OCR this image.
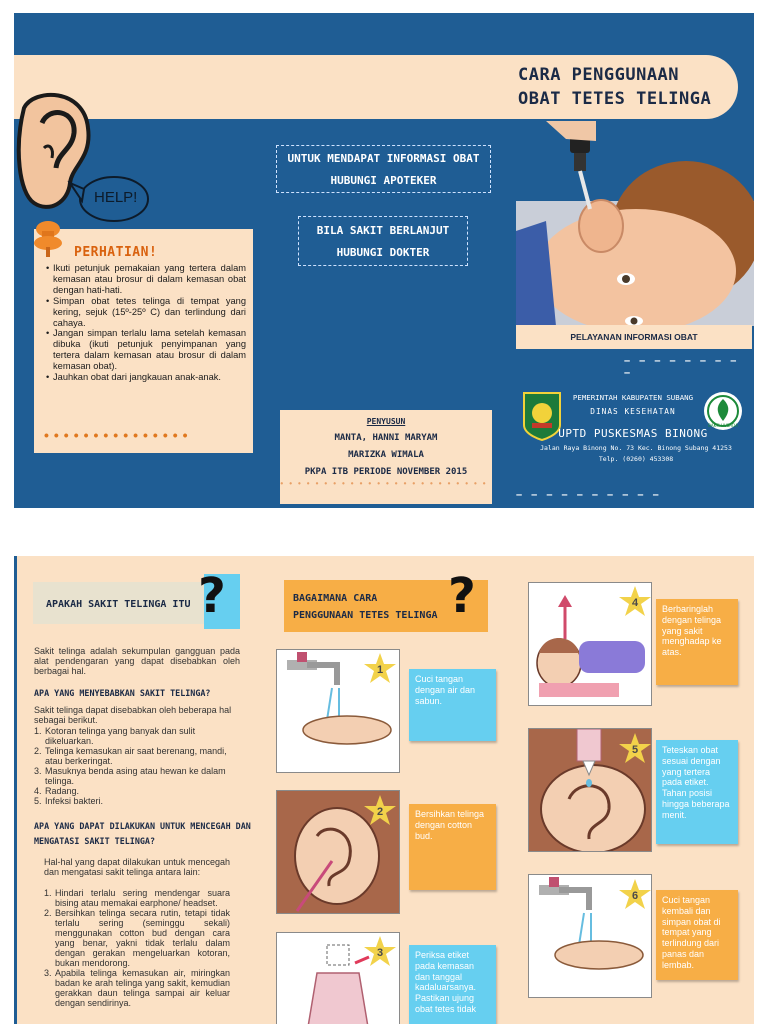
CARA PENGGUNAAN
OBAT TETES TELINGA
HELP!
UNTUK MENDAPAT INFORMASI OBAT
HUBUNGI APOTEKER
BILA SAKIT BERLANJUT
HUBUNGI DOKTER
PERHATIAN!
• Ikuti petunjuk pemakaian yang tertera dalam kemasan atau brosur di dalam kemasan obat dengan hati-hati.
• Simpan obat tetes telinga di tempat yang kering, sejuk (15º-25º C) dan terlindung dari cahaya.
• Jangan simpan terlalu lama setelah kemasan dibuka (ikuti petunjuk penyimpanan yang tertera dalam kemasan atau brosur di dalam kemasan obat).
• Jauhkan obat dari jangkauan anak-anak.
•••••••••••••••
PENYUSUN
MANTA, HANNI MARYAM
MARIZKA WIMALA
PKPA ITB PERIODE NOVEMBER 2015
••••••••••••••••••••••••
PELAYANAN INFORMASI OBAT
– – – – – – – – –
BAKTI HUSADA
PEMERINTAH KABUPATEN SUBANG
DINAS KESEHATAN
UPTD PUSKESMAS BINONG
Jalan Raya Binong No. 73 Kec. Binong Subang 41253
Telp. (0260) 453308
– – – – – – – – – –
APAKAH SAKIT TELINGA ITU ?
Sakit telinga adalah sekumpulan gangguan pada alat pendengaran yang dapat disebabkan oleh berbagai hal.
APA YANG MENYEBABKAN SAKIT TELINGA?
Sakit telinga dapat disebabkan oleh beberapa hal sebagai berikut.
1. Kotoran telinga yang banyak dan sulit dikeluarkan.
2. Telinga kemasukan air saat berenang, mandi, atau berkeringat.
3. Masuknya benda asing atau hewan ke dalam telinga.
4. Radang.
5. Infeksi bakteri.
APA YANG DAPAT DILAKUKAN UNTUK MENCEGAH DAN
MENGATASI SAKIT TELINGA?
Hal-hal yang dapat dilakukan untuk mencegah dan mengatasi sakit telinga antara lain:
1. Hindari terlalu sering mendengar suara bising atau memakai earphone/ headset.
2. Bersihkan telinga secara rutin, tetapi tidak terlalu sering (seminggu sekali) menggunakan cotton bud dengan cara yang benar, yakni tidak terlalu dalam dengan gerakan mengeluarkan kotoran, bukan mendorong.
3. Apabila telinga kemasukan air, miringkan badan ke arah telinga yang sakit, kemudian gerakkan daun telinga sampai air keluar dengan sendirinya.
BAGAIMANA CARA
PENGGUNAAN TETES TELINGA ?
1
Cuci tangan dengan air dan sabun.
2	Bersihkan telinga dengan cotton bud.
3	Periksa etiket pada kemasan dan tanggal kadaluarsanya. Pastikan ujung obat tetes tidak
4	Berbaringlah dengan telinga yang sakit menghadap ke atas.
5	Teteskan obat sesuai dengan yang tertera pada etiket. Tahan posisi hingga beberapa menit.
6	Cuci tangan kembali dan simpan obat di tempat yang terlindung dari panas dan lembab.
